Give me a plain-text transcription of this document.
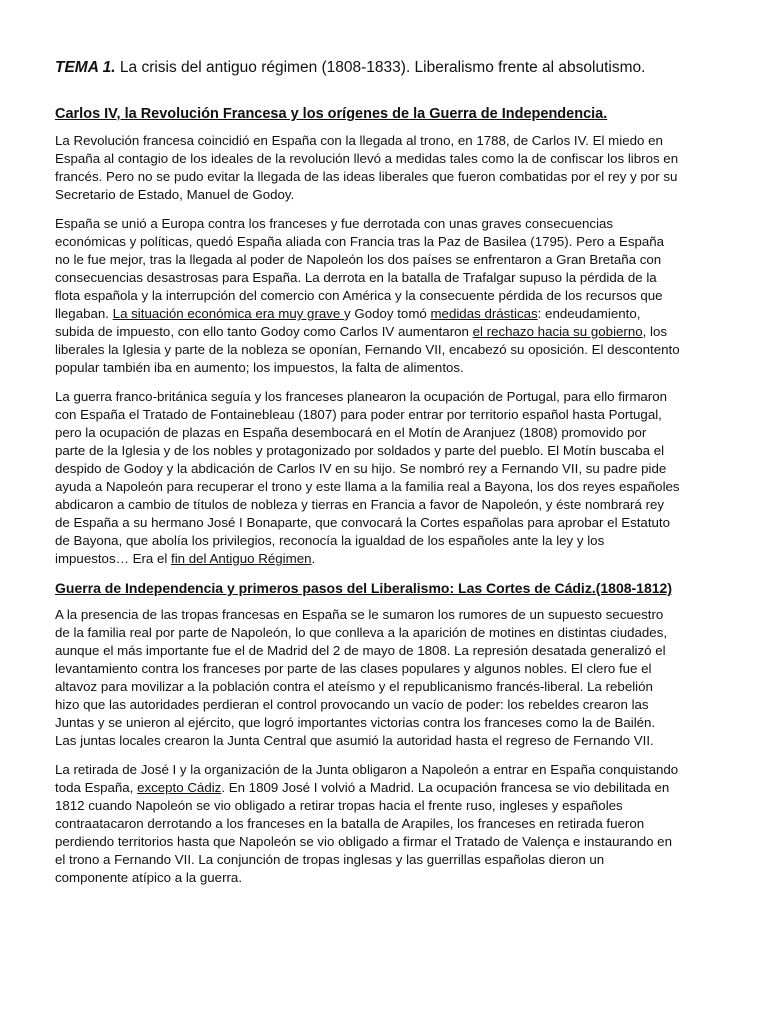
TEMA 1. La crisis del antiguo régimen (1808-1833). Liberalismo frente al absolutismo.

Carlos IV, la Revolución Francesa y los orígenes de la Guerra de Independencia.

La Revolución francesa coincidió en España con la llegada al trono, en 1788, de Carlos IV. El miedo en España al contagio de los ideales de la revolución llevó a medidas tales como la de confiscar los libros en francés. Pero no se pudo evitar la llegada de las ideas liberales que fueron combatidas por el rey y por su Secretario de Estado, Manuel de Godoy.

España se unió a Europa contra los franceses y fue derrotada con unas graves consecuencias económicas y políticas, quedó España aliada con Francia tras la Paz de Basilea (1795). Pero a España no le fue mejor, tras la llegada al poder de Napoleón los dos países se enfrentaron a Gran Bretaña con consecuencias desastrosas para España. La derrota en la batalla de Trafalgar supuso la pérdida de la flota española y la interrupción del comercio con América y la consecuente pérdida de los recursos que llegaban. La situación económica era muy grave y Godoy tomó medidas drásticas: endeudamiento, subida de impuesto, con ello tanto Godoy como Carlos IV aumentaron el rechazo hacia su gobierno, los liberales la Iglesia y parte de la nobleza se oponían, Fernando VII, encabezó su oposición. El descontento popular también iba en aumento; los impuestos, la falta de alimentos.

La guerra franco-británica seguía y los franceses planearon la ocupación de Portugal, para ello firmaron con España el Tratado de Fontainebleau (1807) para poder entrar por territorio español hasta Portugal, pero la ocupación de plazas en España desembocará en el Motín de Aranjuez (1808) promovido por parte de la Iglesia y de los nobles y protagonizado por soldados y parte del pueblo. El Motín buscaba el despido de Godoy y la abdicación de Carlos IV en su hijo. Se nombró rey a Fernando VII, su padre pide ayuda a Napoleón para recuperar el trono y este llama a la familia real a Bayona, los dos reyes españoles abdicaron a cambio de títulos de nobleza y tierras en Francia a favor de Napoleón, y éste nombrará rey de España a su hermano José I Bonaparte, que convocará la Cortes españolas para aprobar el Estatuto de Bayona, que abolía los privilegios, reconocía la igualdad de los españoles ante la ley y los impuestos… Era el fin del Antiguo Régimen.

Guerra de Independencia y primeros pasos del Liberalismo: Las Cortes de Cádiz.(1808-1812)

A la presencia de las tropas francesas en España se le sumaron los rumores de un supuesto secuestro de la familia real por parte de Napoleón, lo que conlleva a la aparición de motines en distintas ciudades, aunque el más importante fue el de Madrid del 2 de mayo de 1808. La represión desatada generalizó el levantamiento contra los franceses por parte de las clases populares y algunos nobles. El clero fue el altavoz para movilizar a la población contra el ateísmo y el republicanismo francés-liberal. La rebelión hizo que las autoridades perdieran el control provocando un vacío de poder: los rebeldes crearon las Juntas y se unieron al ejército, que logró importantes victorias contra los franceses como la de Bailén. Las juntas locales crearon la Junta Central que asumió la autoridad hasta el regreso de Fernando VII.

La retirada de José I y la organización de la Junta obligaron a Napoleón a entrar en España conquistando toda España, excepto Cádiz. En 1809 José I volvió a Madrid. La ocupación francesa se vio debilitada en 1812 cuando Napoleón se vio obligado a retirar tropas hacia el frente ruso, ingleses y españoles contraatacaron derrotando a los franceses en la batalla de Arapiles, los franceses en retirada fueron perdiendo territorios hasta que Napoleón se vio obligado a firmar el Tratado de Valença e instaurando en el trono a Fernando VII. La conjunción de tropas inglesas y las guerrillas españolas dieron un componente atípico a la guerra.
